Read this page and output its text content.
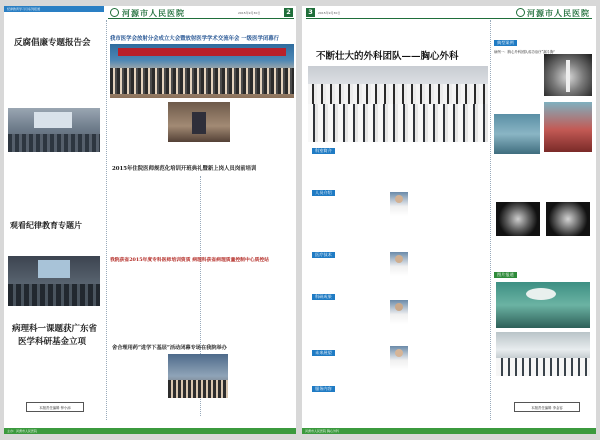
纪律教育学习月系列报道	河源市人民医院	2015年9月30日	2
反腐倡廉专题报告会
观看纪律教育专题片
病理科一课题获广东省
医学科研基金立项
本版责任编辑 钟小添
我市医学会放射分会成立大会暨放射医学学术交流年会 一级医学闭幕行
2015年住院医师规范化培训开班典礼暨新上岗人员岗前培训
我院获省2015年度专科医师培训资质 病理科获省病理质量控制中心质控站
舍合理用药“进学下基层”活动闭幕专场在我院举办
主办：河源市人民医院
3	2015年9月30日	河源市人民医院
不断壮大的外科团队——胸心外科
科室简介
人员介绍
医疗技术
科研成果
未来展望
服务内容
典型案例
病例一：胸心外科团队成功治疗“漏斗胸”
图片报道
本版责任编辑 李金容
河源市人民医院 胸心外科
